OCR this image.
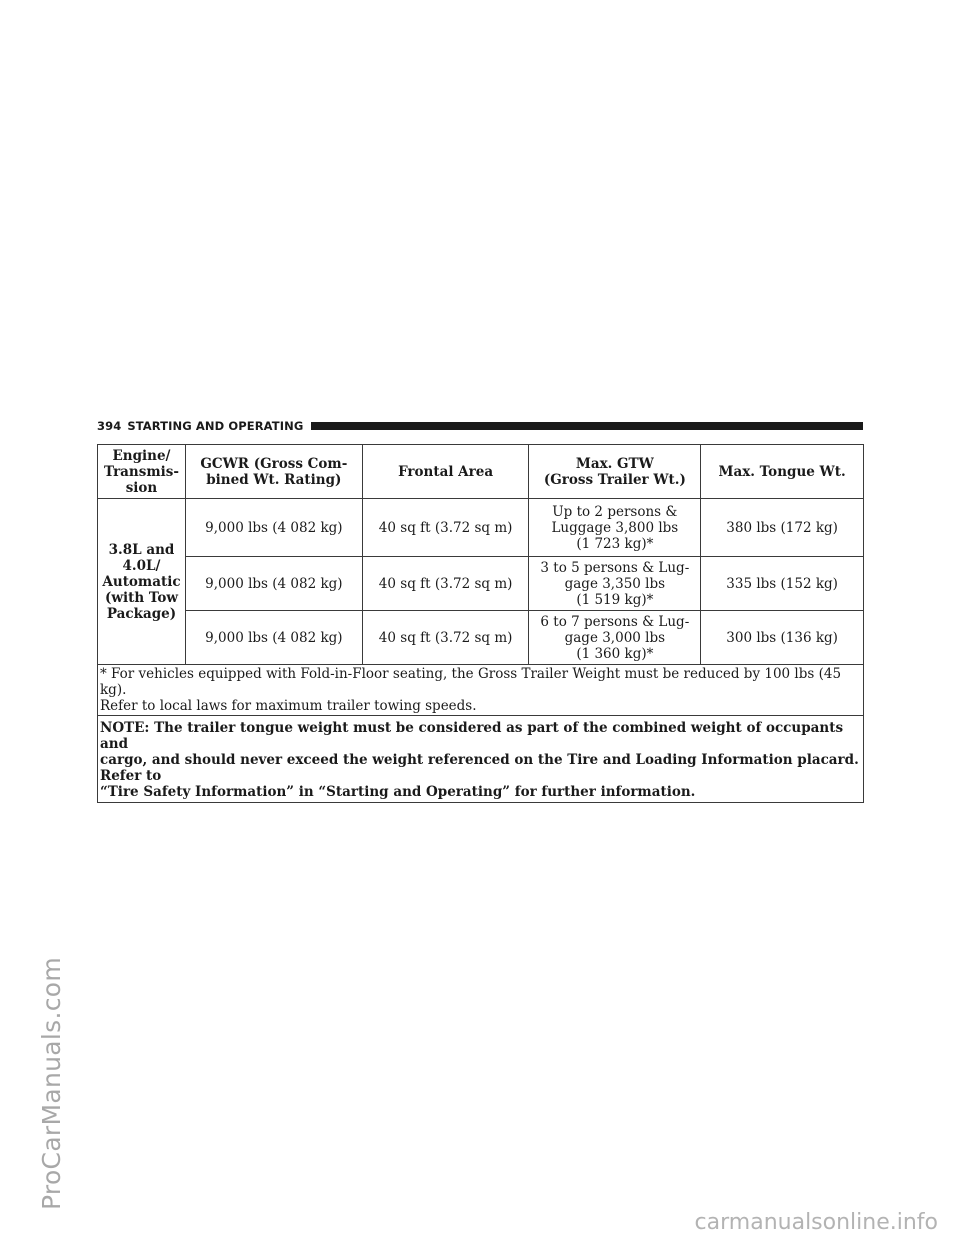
394 STARTING AND OPERATING
Engine/
Transmis-
sion	GCWR (Gross Com-
bined Wt. Rating)	Frontal Area	Max. GTW
(Gross Trailer Wt.)	Max. Tongue Wt.
3.8L and
4.0L/
Automatic
(with Tow
Package)	9,000 lbs (4 082 kg)	40 sq ft (3.72 sq m)	Up to 2 persons &
Luggage 3,800 lbs
(1 723 kg)*	380 lbs (172 kg)
	9,000 lbs (4 082 kg)	40 sq ft (3.72 sq m)	3 to 5 persons & Lug-
gage 3,350 lbs
(1 519 kg)*	335 lbs (152 kg)
	9,000 lbs (4 082 kg)	40 sq ft (3.72 sq m)	6 to 7 persons & Lug-
gage 3,000 lbs
(1 360 kg)*	300 lbs (136 kg)
* For vehicles equipped with Fold-in-Floor seating, the Gross Trailer Weight must be reduced by 100 lbs (45 kg).
Refer to local laws for maximum trailer towing speeds.				
NOTE: The trailer tongue weight must be considered as part of the combined weight of occupants and
cargo, and should never exceed the weight referenced on the Tire and Loading Information placard. Refer to
“Tire Safety Information” in “Starting and Operating” for further information.				
ProCarManuals.com
carmanualsonline.info
